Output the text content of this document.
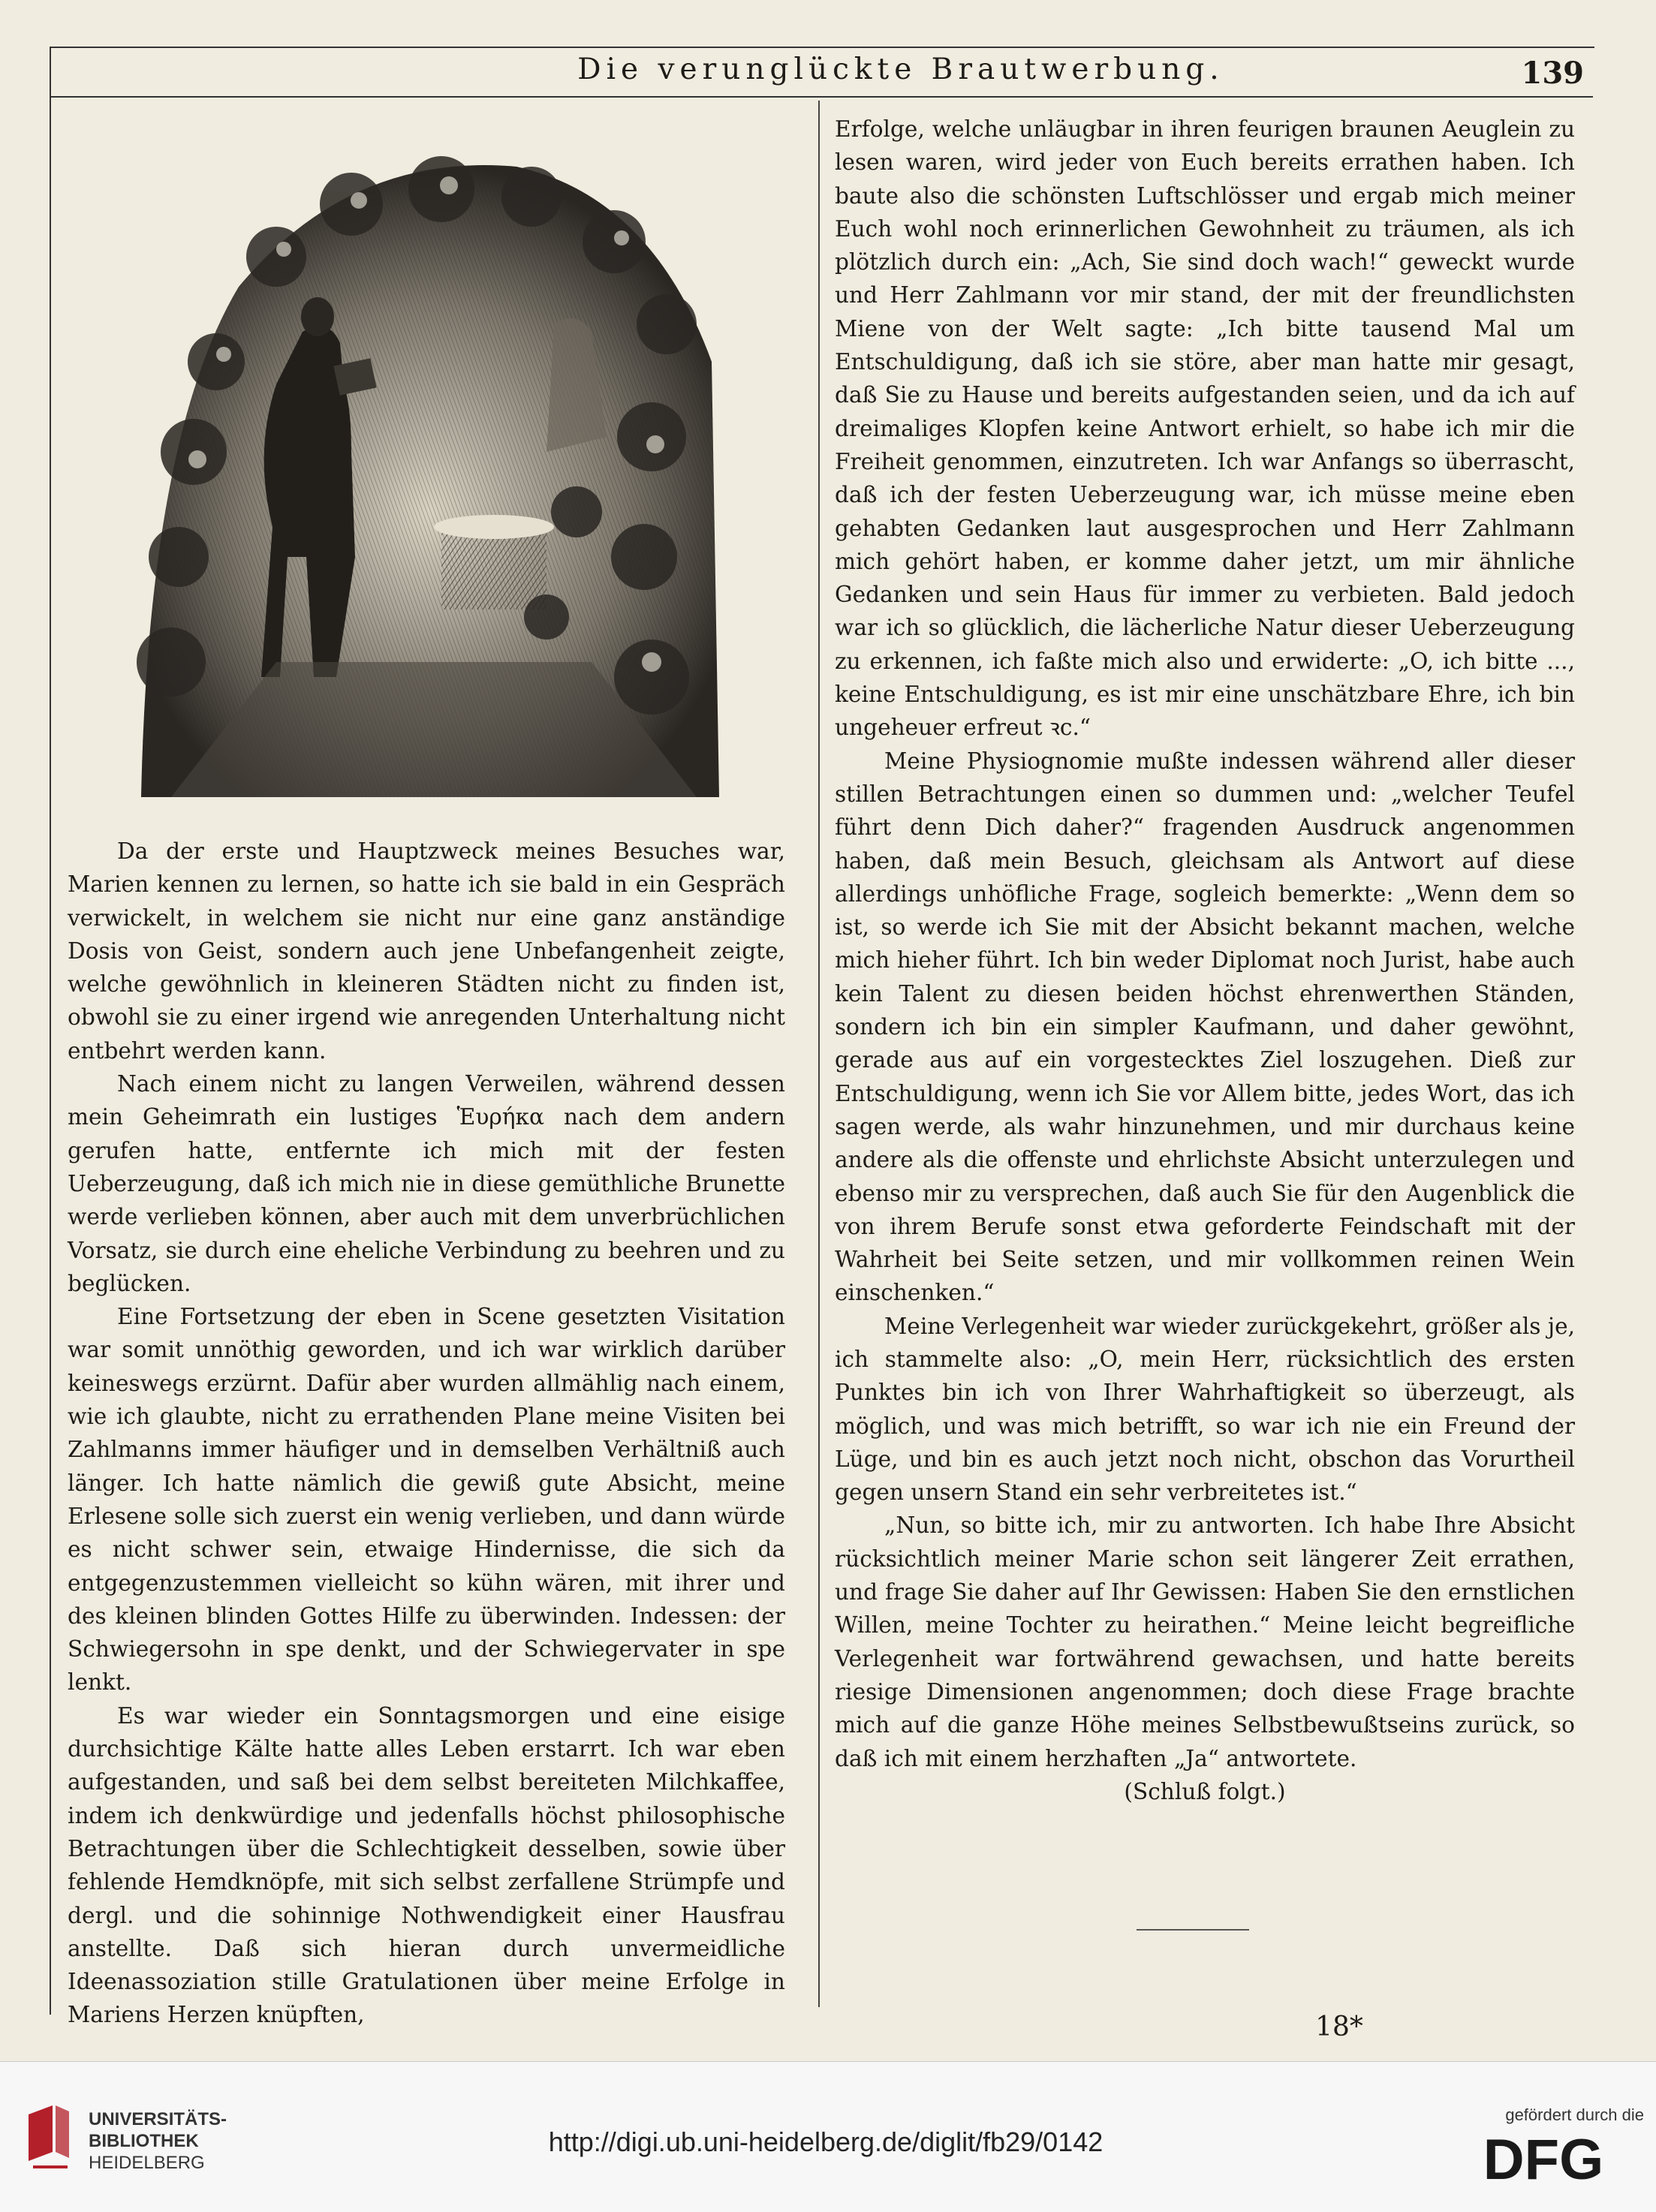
Die verunglückte Brautwerbung.	139

Erfolge, welche unläugbar in ihren feurigen braunen Aeuglein zu lesen waren, wird jeder von Euch bereits errathen haben. Ich baute also die schönsten Luftschlösser und ergab mich meiner Euch wohl noch erinnerlichen Gewohnheit zu träumen, als ich plötzlich durch ein: „Ach, Sie sind doch wach!“ geweckt wurde und Herr Zahlmann vor mir stand, der mit der freundlichsten Miene von der Welt sagte: „Ich bitte tausend Mal um Entschuldigung, daß ich sie störe, aber man hatte mir gesagt, daß Sie zu Hause und bereits aufgestanden seien, und da ich auf dreimaliges Klopfen keine Antwort erhielt, so habe ich mir die Freiheit genommen, einzutreten. Ich war Anfangs so überrascht, daß ich der festen Ueberzeugung war, ich müsse meine eben gehabten Gedanken laut ausgesprochen und Herr Zahlmann mich gehört haben, er komme daher jetzt, um mir ähnliche Gedanken und sein Haus für immer zu verbieten. Bald jedoch war ich so glücklich, die lächerliche Natur dieser Ueberzeugung zu erkennen, ich faßte mich also und erwiderte: „O, ich bitte ..., keine Entschuldigung, es ist mir eine unschätzbare Ehre, ich bin ungeheuer erfreut ꝛc.“

Meine Physiognomie mußte indessen während aller dieser stillen Betrachtungen einen so dummen und: „welcher Teufel führt denn Dich daher?“ fragenden Ausdruck angenommen haben, daß mein Besuch, gleichsam als Antwort auf diese allerdings unhöfliche Frage, sogleich bemerkte: „Wenn dem so ist, so werde ich Sie mit der Absicht bekannt machen, welche mich hieher führt. Ich bin weder Diplomat noch Jurist, habe auch kein Talent zu diesen beiden höchst ehrenwerthen Ständen, sondern ich bin ein simpler Kaufmann, und daher gewöhnt, gerade aus auf ein vorgestecktes Ziel loszugehen. Dieß zur Entschuldigung, wenn ich Sie vor Allem bitte, jedes Wort, das ich sagen werde, als wahr hinzunehmen, und mir durchaus keine andere als die offenste und ehrlichste Absicht unterzulegen und ebenso mir zu versprechen, daß auch Sie für den Augenblick die von ihrem Berufe sonst etwa geforderte Feindschaft mit der Wahrheit bei Seite setzen, und mir vollkommen reinen Wein einschenken.“

Meine Verlegenheit war wieder zurückgekehrt, größer als je, ich stammelte also: „O, mein Herr, rücksichtlich des ersten Punktes bin ich von Ihrer Wahrhaftigkeit so überzeugt, als möglich, und was mich betrifft, so war ich nie ein Freund der Lüge, und bin es auch jetzt noch nicht, obschon das Vorurtheil gegen unsern Stand ein sehr verbreitetes ist.“

„Nun, so bitte ich, mir zu antworten. Ich habe Ihre Absicht rücksichtlich meiner Marie schon seit längerer Zeit errathen, und frage Sie daher auf Ihr Gewissen: Haben Sie den ernstlichen Willen, meine Tochter zu heirathen.“ Meine leicht begreifliche Verlegenheit war fortwährend gewachsen, und hatte bereits riesige Dimensionen angenommen; doch diese Frage brachte mich auf die ganze Höhe meines Selbstbewußtseins zurück, so daß ich mit einem herzhaften „Ja“ antwortete.

(Schluß folgt.)

Da der erste und Hauptzweck meines Besuches war, Marien kennen zu lernen, so hatte ich sie bald in ein Gespräch verwickelt, in welchem sie nicht nur eine ganz anständige Dosis von Geist, sondern auch jene Unbefangenheit zeigte, welche gewöhnlich in kleineren Städten nicht zu finden ist, obwohl sie zu einer irgend wie anregenden Unterhaltung nicht entbehrt werden kann.

Nach einem nicht zu langen Verweilen, während dessen mein Geheimrath ein lustiges Ἑυρήκα nach dem andern gerufen hatte, entfernte ich mich mit der festen Ueberzeugung, daß ich mich nie in diese gemüthliche Brunette werde verlieben können, aber auch mit dem unverbrüchlichen Vorsatz, sie durch eine eheliche Verbindung zu beehren und zu beglücken.

Eine Fortsetzung der eben in Scene gesetzten Visitation war somit unnöthig geworden, und ich war wirklich darüber keineswegs erzürnt. Dafür aber wurden allmählig nach einem, wie ich glaubte, nicht zu errathenden Plane meine Visiten bei Zahlmanns immer häufiger und in demselben Verhältniß auch länger. Ich hatte nämlich die gewiß gute Absicht, meine Erlesene solle sich zuerst ein wenig verlieben, und dann würde es nicht schwer sein, etwaige Hindernisse, die sich da entgegenzustemmen vielleicht so kühn wären, mit ihrer und des kleinen blinden Gottes Hilfe zu überwinden. Indessen: der Schwiegersohn in spe denkt, und der Schwiegervater in spe lenkt.

Es war wieder ein Sonntagsmorgen und eine eisige durchsichtige Kälte hatte alles Leben erstarrt. Ich war eben aufgestanden, und saß bei dem selbst bereiteten Milchkaffee, indem ich denkwürdige und jedenfalls höchst philosophische Betrachtungen über die Schlechtigkeit desselben, sowie über fehlende Hemdknöpfe, mit sich selbst zerfallene Strümpfe und dergl. und die sohinnige Nothwendigkeit einer Hausfrau anstellte. Daß sich hieran durch unvermeidliche Ideenassoziation stille Gratulationen über meine Erfolge in Mariens Herzen knüpften,	18*
UNIVERSITÄTS-
BIBLIOTHEK
HEIDELBERG
http://digi.ub.uni-heidelberg.de/diglit/fb29/0142
gefördert durch die
DFG
